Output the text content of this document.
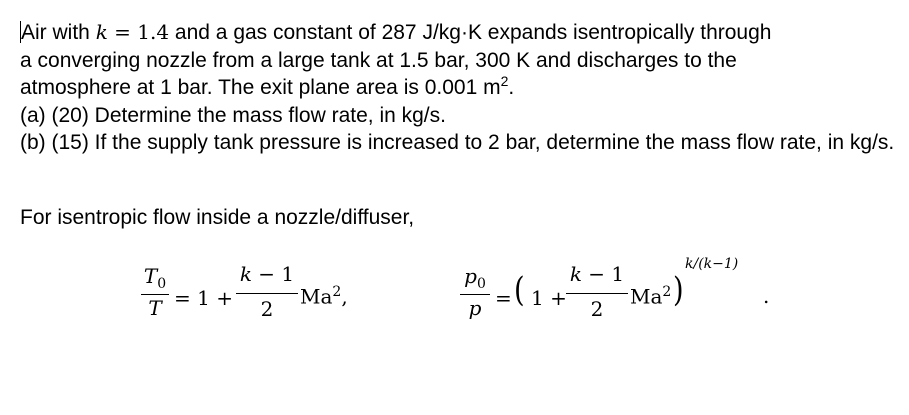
Air with k = 1.4 and a gas constant of 287 J/kg·K expands isentropically through

a converging nozzle from a large tank at 1.5 bar, 300 K and discharges to the

atmosphere at 1 bar. The exit plane area is 0.001 $m^2$.

(a) (20) Determine the mass flow rate, in kg/s.

(b) (15) If the supply tank pressure is increased to 2 bar, determine the mass flow rate, in kg/s.

For isentropic flow inside a nozzle/diffuser,
$T_0$
T = 1 +
k − 1
2
Ma$^2$,
$p_0$
p = ( 1 +
k − 1
2
Ma$^2$ )
k/(k−1)
.
